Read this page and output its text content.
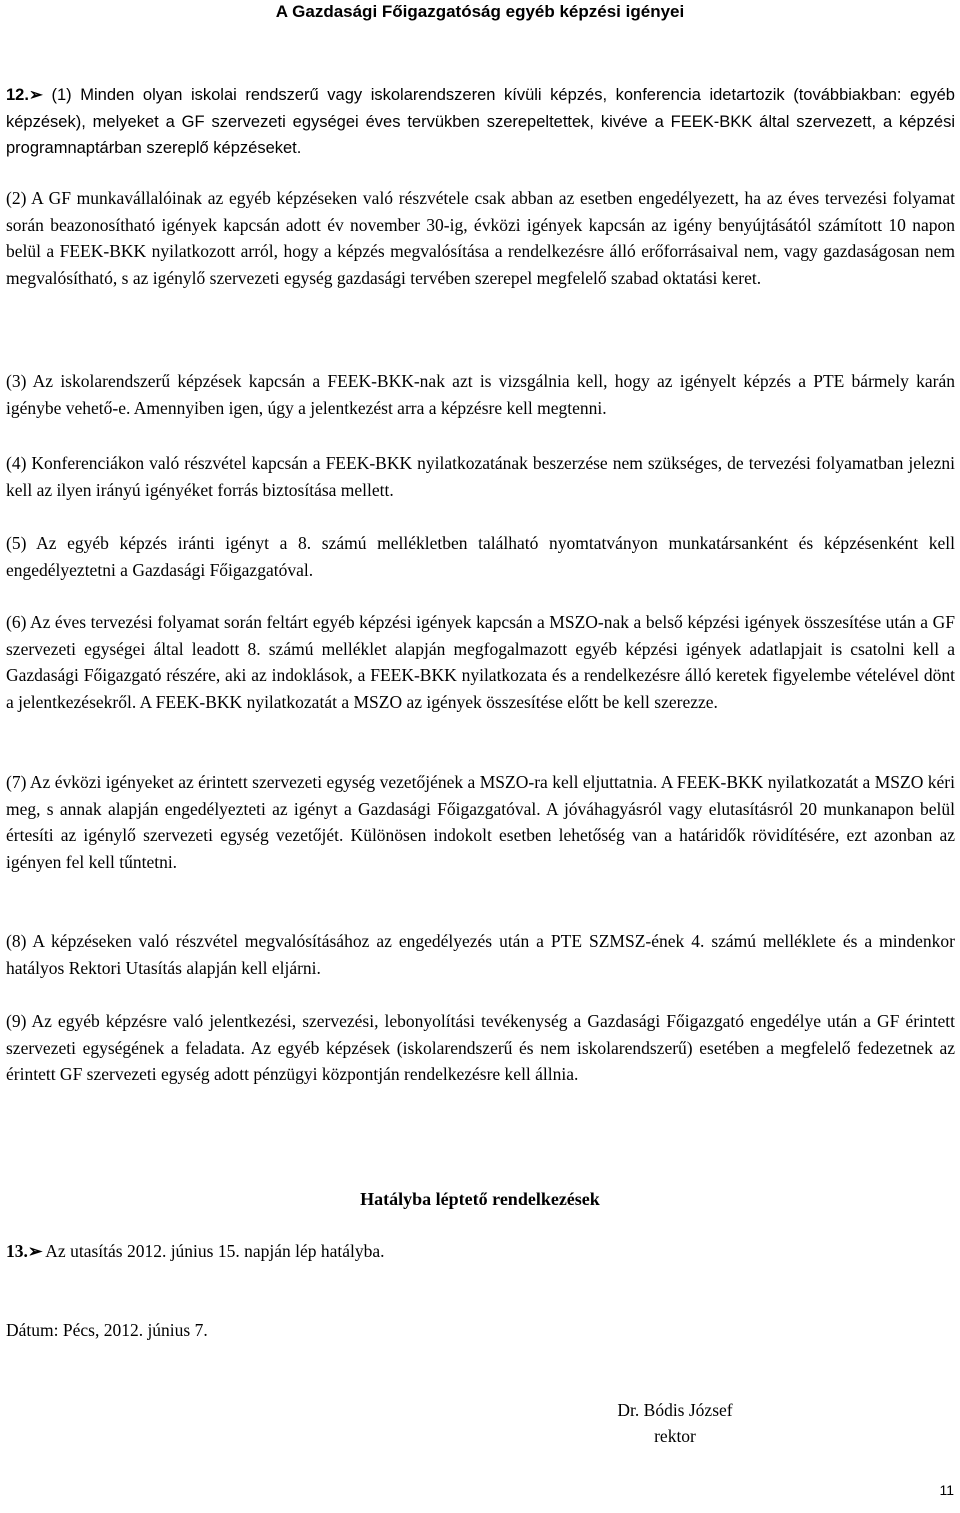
A Gazdasági Főigazgatóság egyéb képzési igényei

12.➢ (1) Minden olyan iskolai rendszerű vagy iskolarendszeren kívüli képzés, konferencia idetartozik (továbbiakban: egyéb képzések), melyeket a GF szervezeti egységei éves tervükben szerepeltettek, kivéve a FEEK-BKK által szervezett, a képzési programnaptárban szereplő képzéseket.

(2) A GF munkavállalóinak az egyéb képzéseken való részvétele csak abban az esetben engedélyezett, ha az éves tervezési folyamat során beazonosítható igények kapcsán adott év november 30-ig, évközi igények kapcsán az igény benyújtásától számított 10 napon belül a FEEK-BKK nyilatkozott arról, hogy a képzés megvalósítása a rendelkezésre álló erőforrásaival nem, vagy gazdaságosan nem megvalósítható, s az igénylő szervezeti egység gazdasági tervében szerepel megfelelő szabad oktatási keret.

(3) Az iskolarendszerű képzések kapcsán a FEEK-BKK-nak azt is vizsgálnia kell, hogy az igényelt képzés a PTE bármely karán igénybe vehető-e. Amennyiben igen, úgy a jelentkezést arra a képzésre kell megtenni.

(4) Konferenciákon való részvétel kapcsán a FEEK-BKK nyilatkozatának beszerzése nem szükséges, de tervezési folyamatban jelezni kell az ilyen irányú igényéket forrás biztosítása mellett.

(5) Az egyéb képzés iránti igényt a 8. számú mellékletben található nyomtatványon munkatársanként és képzésenként kell engedélyeztetni a Gazdasági Főigazgatóval.

(6) Az éves tervezési folyamat során feltárt egyéb képzési igények kapcsán a MSZO-nak a belső képzési igények összesítése után a GF szervezeti egységei által leadott 8. számú melléklet alapján megfogalmazott egyéb képzési igények adatlapjait is csatolni kell a Gazdasági Főigazgató részére, aki az indoklások, a FEEK-BKK nyilatkozata és a rendelkezésre álló keretek figyelembe vételével dönt a jelentkezésekről. A FEEK-BKK nyilatkozatát a MSZO az igények összesítése előtt be kell szerezze.

(7) Az évközi igényeket az érintett szervezeti egység vezetőjének a MSZO-ra kell eljuttatnia. A FEEK-BKK nyilatkozatát a MSZO kéri meg, s annak alapján engedélyezteti az igényt a Gazdasági Főigazgatóval. A jóváhagyásról vagy elutasításról 20 munkanapon belül értesíti az igénylő szervezeti egység vezetőjét. Különösen indokolt esetben lehetőség van a határidők rövidítésére, ezt azonban az igényen fel kell tűntetni.

(8) A képzéseken való részvétel megvalósításához az engedélyezés után a PTE SZMSZ-ének 4. számú melléklete és a mindenkor hatályos Rektori Utasítás alapján kell eljárni.

(9) Az egyéb képzésre való jelentkezési, szervezési, lebonyolítási tevékenység a Gazdasági Főigazgató engedélye után a GF érintett szervezeti egységének a feladata. Az egyéb képzések (iskolarendszerű és nem iskolarendszerű) esetében a megfelelő fedezetnek az érintett GF szervezeti egység adott pénzügyi központján rendelkezésre kell állnia.

Hatályba léptető rendelkezések
13.➢ Az utasítás 2012. június 15. napján lép hatályba.
Dátum: Pécs, 2012. június 7.
Dr. Bódis József
rektor
11
